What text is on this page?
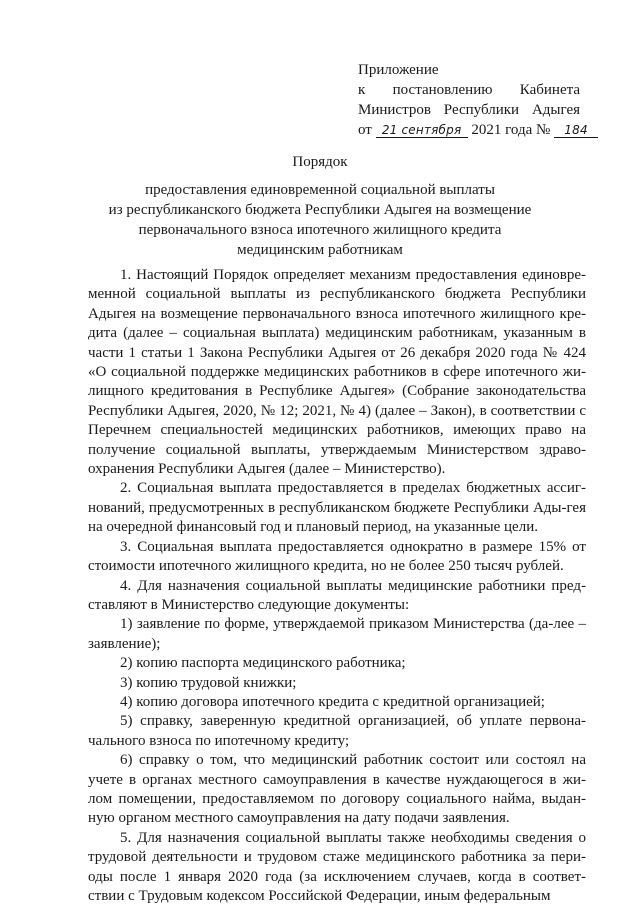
Приложение
к постановлению Кабинета
Министров Республики Адыгея
от 21 сентября 2021 года № 184
Порядок
предоставления единовременной социальной выплаты
из республиканского бюджета Республики Адыгея на возмещение
первоначального взноса ипотечного жилищного кредита
медицинским работникам

1. Настоящий Порядок определяет механизм предоставления единовре-менной социальной выплаты из республиканского бюджета Республики Адыгея на возмещение первоначального взноса ипотечного жилищного кре-дита (далее – социальная выплата) медицинским работникам, указанным в части 1 статьи 1 Закона Республики Адыгея от 26 декабря 2020 года № 424 «О социальной поддержке медицинских работников в сфере ипотечного жи-лищного кредитования в Республике Адыгея» (Собрание законодательства Республики Адыгея, 2020, № 12; 2021, № 4) (далее – Закон), в соответствии с Перечнем специальностей медицинских работников, имеющих право на получение социальной выплаты, утверждаемым Министерством здраво-охранения Республики Адыгея (далее – Министерство).

2. Социальная выплата предоставляется в пределах бюджетных ассиг-нований, предусмотренных в республиканском бюджете Республики Ады-гея на очередной финансовый год и плановый период, на указанные цели.

3. Социальная выплата предоставляется однократно в размере 15% от стоимости ипотечного жилищного кредита, но не более 250 тысяч рублей.

4. Для назначения социальной выплаты медицинские работники пред-ставляют в Министерство следующие документы:

1) заявление по форме, утверждаемой приказом Министерства (да-лее – заявление);

2) копию паспорта медицинского работника;

3) копию трудовой книжки;

4) копию договора ипотечного кредита с кредитной организацией;

5) справку, заверенную кредитной организацией, об уплате первона-чального взноса по ипотечному кредиту;

6) справку о том, что медицинский работник состоит или состоял на учете в органах местного самоуправления в качестве нуждающегося в жи-лом помещении, предоставляемом по договору социального найма, выдан-ную органом местного самоуправления на дату подачи заявления.

5. Для назначения социальной выплаты также необходимы сведения о трудовой деятельности и трудовом стаже медицинского работника за пери-оды после 1 января 2020 года (за исключением случаев, когда в соответ-ствии с Трудовым кодексом Российской Федерации, иным федеральным
